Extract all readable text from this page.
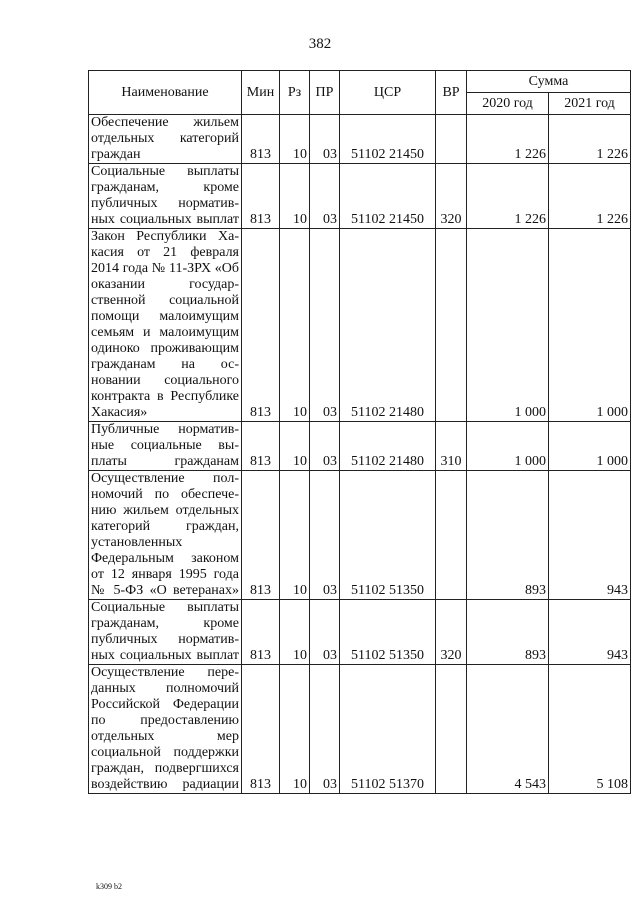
382
Наименование	Мин	Рз	ПР	ЦСР	ВР	Сумма	
						2020 год	2021 год
Обеспечение жильем отдельных категорий граждан	813	10	03	51102 21450		1 226	1 226
Социальные выплаты гражданам, кроме публичных нормативных социальных выплат	813	10	03	51102 21450	320	1 226	1 226
Закон Республики Хакасия от 21 февраля 2014 года № 11-ЗРХ «Об оказании государственной социальной помощи малоимущим семьям и малоимущим одиноко проживающим гражданам на основании социального контракта в Республике Хакасия»	813	10	03	51102 21480		1 000	1 000
Публичные нормативные социальные выплаты гражданам	813	10	03	51102 21480	310	1 000	1 000
Осуществление полномочий по обеспечению жильем отдельных категорий граждан, установленных Федеральным законом от 12 января 1995 года № 5-ФЗ «О ветеранах»	813	10	03	51102 51350		893	943
Социальные выплаты гражданам, кроме публичных нормативных социальных выплат	813	10	03	51102 51350	320	893	943
Осуществление переданных полномочий Российской Федерации по предоставлению отдельных мер социальной поддержки граждан, подвергшихся воздействию радиации	813	10	03	51102 51370		4 543	5 108
k309 b2
